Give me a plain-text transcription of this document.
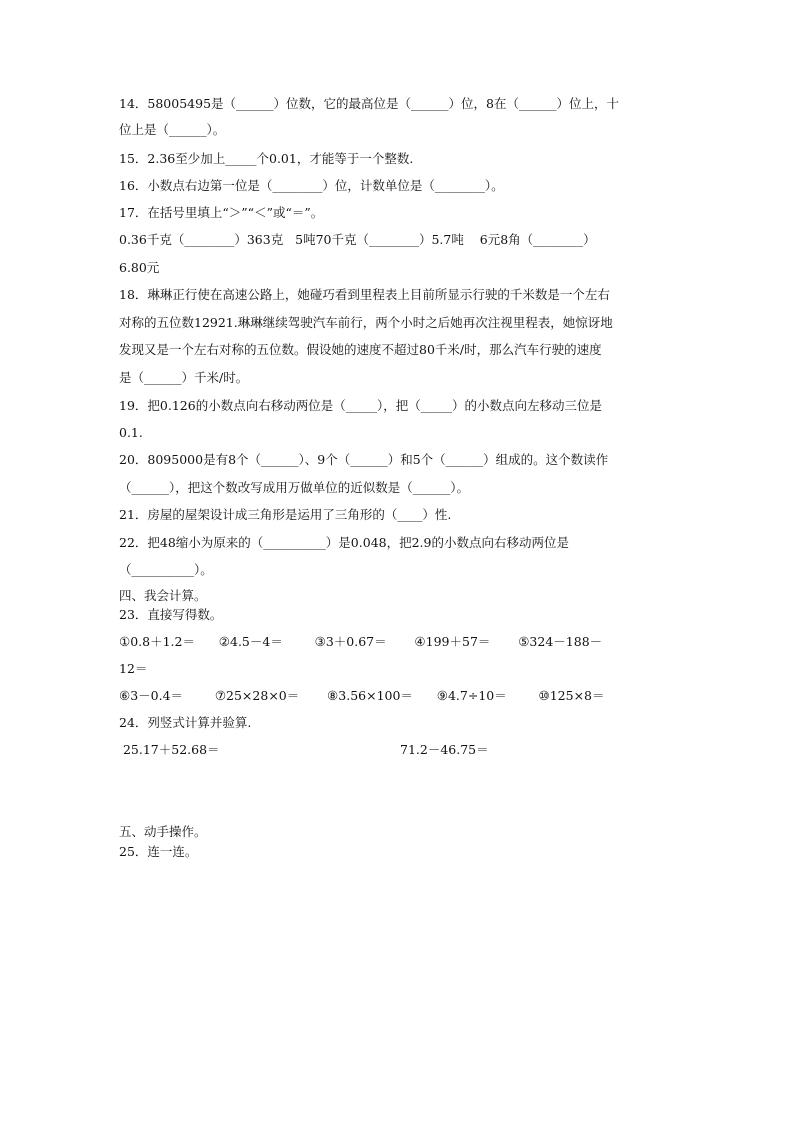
14．58005495是（______）位数，它的最高位是（______）位，8在（______）位上，十
位上是（______）。
15．2.36至少加上_____个0.01，才能等于一个整数.
16．小数点右边第一位是（________）位，计数单位是（________）。
17．在括号里填上“＞”“＜”或“＝”。
0.36千克（________）363克   5吨70千克（________）5.7吨    6元8角（________）
6.80元
18．琳琳正行使在高速公路上，她碰巧看到里程表上目前所显示行驶的千米数是一个左右
对称的五位数12921.琳琳继续驾驶汽车前行，两个小时之后她再次注视里程表，她惊讶地
发现又是一个左右对称的五位数。假设她的速度不超过80千米/时，那么汽车行驶的速度
是（______）千米/时。
19．把0.126的小数点向右移动两位是（_____），把（_____）的小数点向左移动三位是
0.1.
20．8095000是有8个（______）、9个（______）和5个（______）组成的。这个数读作
（______），把这个数改写成用万做单位的近似数是（______）。
21．房屋的屋架设计成三角形是运用了三角形的（____）性.
22．把48缩小为原来的（__________）是0.048，把2.9的小数点向右移动两位是
（__________）。
四、我会计算。
23．直接写得数。
①0.8＋1.2＝      ②4.5－4＝        ③3＋0.67＝       ④199＋57＝       ⑤324－188－
12＝
⑥3－0.4＝        ⑦25×28×0＝       ⑧3.56×100＝      ⑨4.7÷10＝        ⑩125×8＝
24．列竖式计算并验算.
25.17＋52.68＝	71.2－46.75＝
五、动手操作。
25．连一连。
